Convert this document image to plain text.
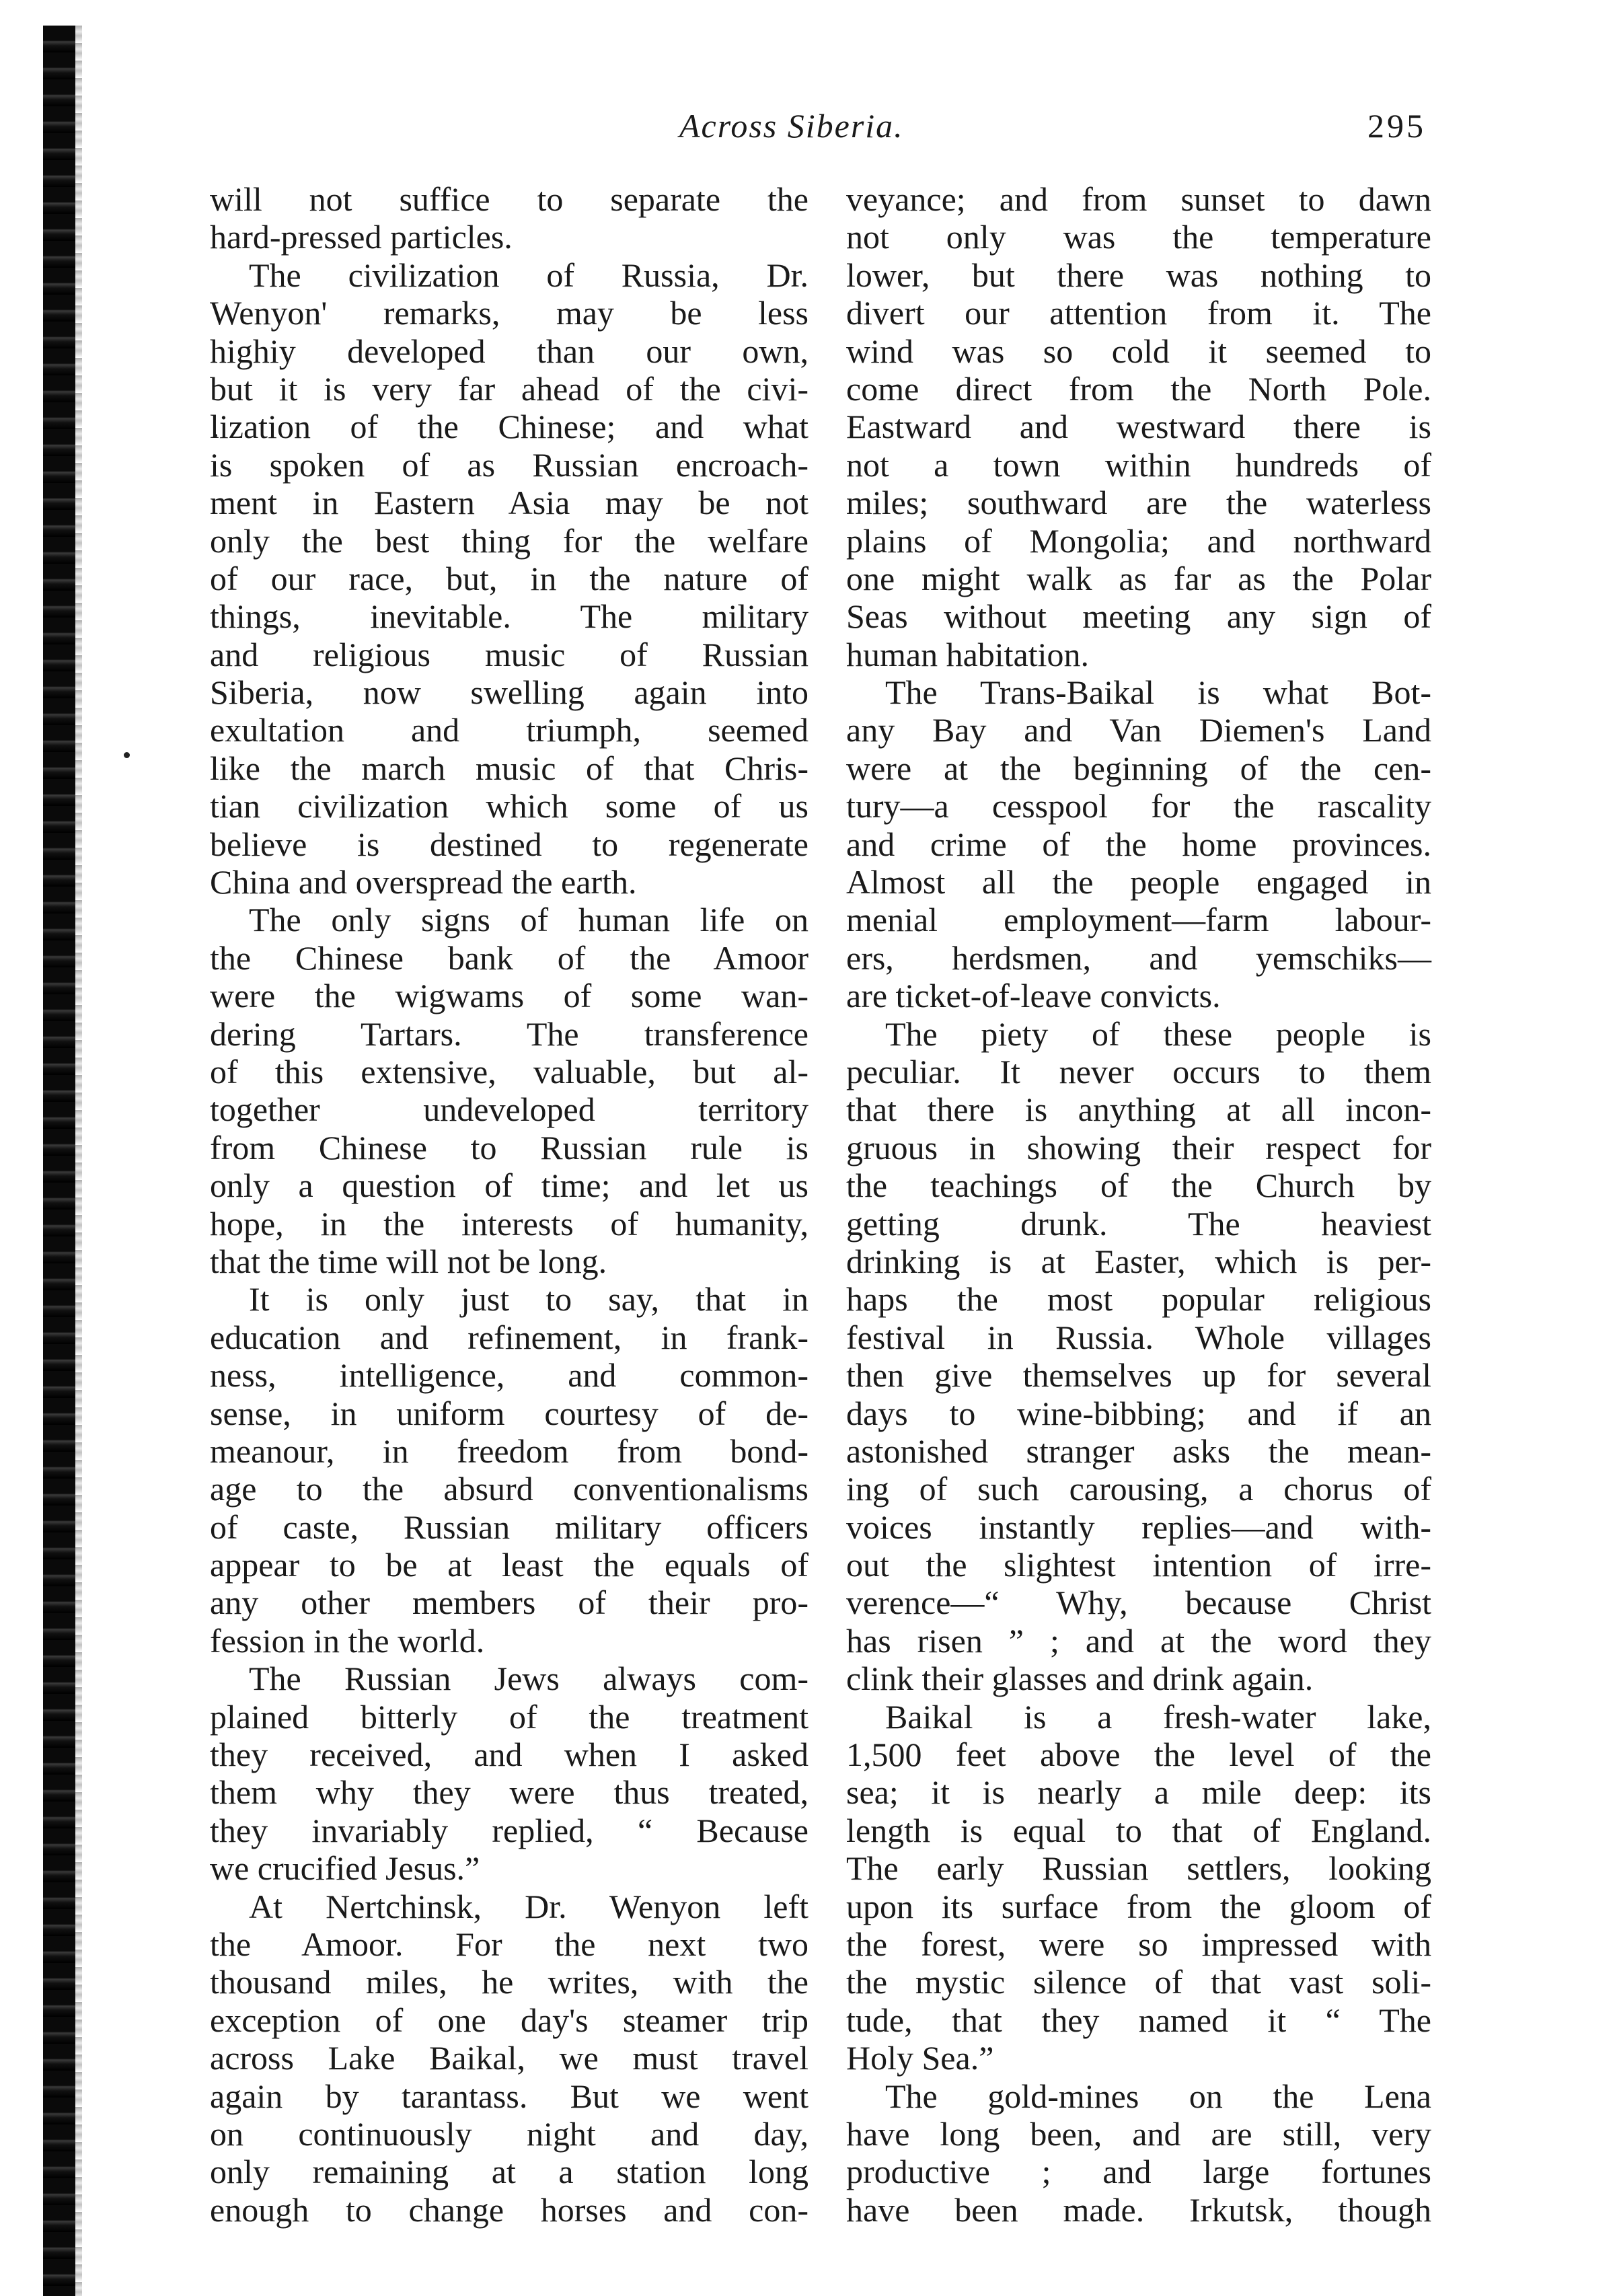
Across Siberia.	295
will not suffice to separate the
hard-pressed particles.
The civilization of Russia, Dr.
Wenyon' remarks, may be less
highiy developed than our own,
but it is very far ahead of the civi-
lization of the Chinese; and what
is spoken of as Russian encroach-
ment in Eastern Asia may be not
only the best thing for the welfare
of our race, but, in the nature of
things, inevitable. The military
and religious music of Russian
Siberia, now swelling again into
exultation and triumph, seemed
like the march music of that Chris-
tian civilization which some of us
believe is destined to regenerate
China and overspread the earth.
The only signs of human life on
the Chinese bank of the Amoor
were the wigwams of some wan-
dering Tartars. The transference
of this extensive, valuable, but al-
together undeveloped territory
from Chinese to Russian rule is
only a question of time; and let us
hope, in the interests of humanity,
that the time will not be long.
It is only just to say, that in
education and refinement, in frank-
ness, intelligence, and common-
sense, in uniform courtesy of de-
meanour, in freedom from bond-
age to the absurd conventionalisms
of caste, Russian military officers
appear to be at least the equals of
any other members of their pro-
fession in the world.
The Russian Jews always com-
plained bitterly of the treatment
they received, and when I asked
them why they were thus treated,
they invariably replied, “ Because
we crucified Jesus.”
At Nertchinsk, Dr. Wenyon left
the Amoor. For the next two
thousand miles, he writes, with the
exception of one day's steamer trip
across Lake Baikal, we must travel
again by tarantass. But we went
on continuously night and day,
only remaining at a station long
enough to change horses and con-
veyance; and from sunset to dawn
not only was the temperature
lower, but there was nothing to
divert our attention from it. The
wind was so cold it seemed to
come direct from the North Pole.
Eastward and westward there is
not a town within hundreds of
miles; southward are the waterless
plains of Mongolia; and northward
one might walk as far as the Polar
Seas without meeting any sign of
human habitation.
The Trans-Baikal is what Bot-
any Bay and Van Diemen's Land
were at the beginning of the cen-
tury—a cesspool for the rascality
and crime of the home provinces.
Almost all the people engaged in
menial employment—farm labour-
ers, herdsmen, and yemschiks—
are ticket-of-leave convicts.
The piety of these people is
peculiar. It never occurs to them
that there is anything at all incon-
gruous in showing their respect for
the teachings of the Church by
getting drunk. The heaviest
drinking is at Easter, which is per-
haps the most popular religious
festival in Russia. Whole villages
then give themselves up for several
days to wine-bibbing; and if an
astonished stranger asks the mean-
ing of such carousing, a chorus of
voices instantly replies—and with-
out the slightest intention of irre-
verence—“ Why, because Christ
has risen ” ; and at the word they
clink their glasses and drink again.
Baikal is a fresh-water lake,
1,500 feet above the level of the
sea; it is nearly a mile deep: its
length is equal to that of England.
The early Russian settlers, looking
upon its surface from the gloom of
the forest, were so impressed with
the mystic silence of that vast soli-
tude, that they named it “ The
Holy Sea.”
The gold-mines on the Lena
have long been, and are still, very
productive ; and large fortunes
have been made. Irkutsk, though
